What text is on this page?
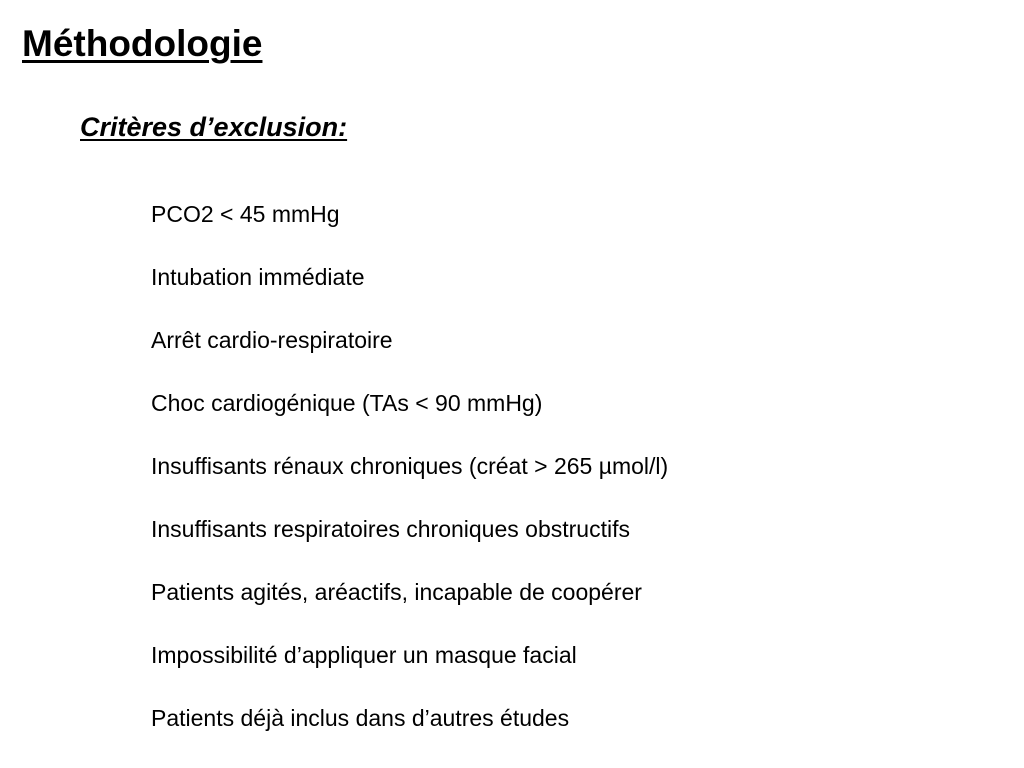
Méthodologie
Critères d’exclusion:
PCO2 < 45 mmHg
Intubation immédiate
Arrêt cardio-respiratoire
Choc cardiogénique (TAs < 90 mmHg)
Insuffisants rénaux chroniques (créat > 265 µmol/l)
Insuffisants respiratoires chroniques obstructifs
Patients agités, aréactifs, incapable de coopérer
Impossibilité d’appliquer un masque facial
Patients déjà inclus dans d’autres études
